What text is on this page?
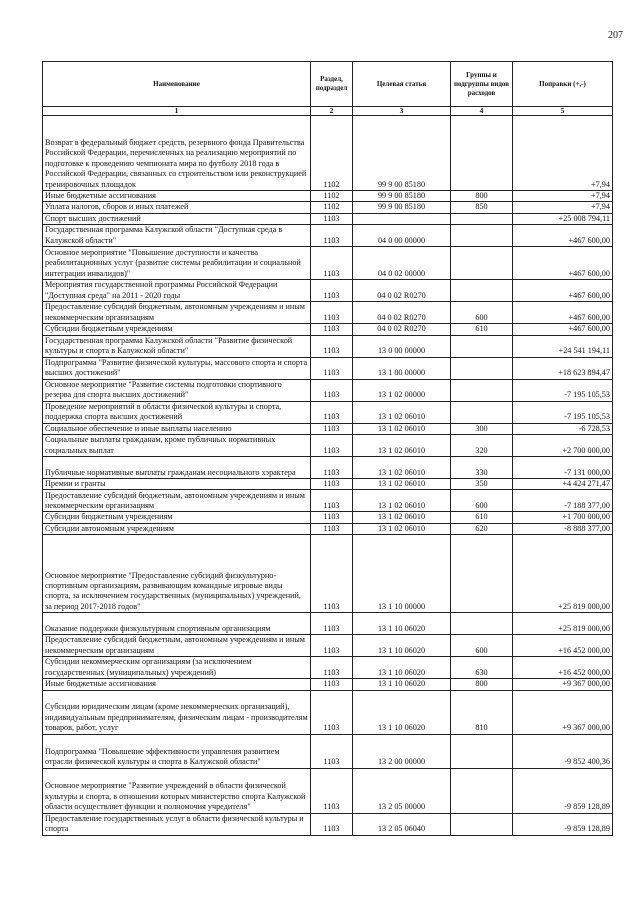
207
Наименование	Раздел, подраздел	Целевая статья	Группы и подгруппы видов расходов	Поправки (+,-)
1	2	3	4	5
Возврат в федеральный бюджет средств, резервного фонда Правительства Российской Федерации, перечисленных на реализацию мероприятий по подготовке к проведению чемпионата мира по футболу 2018 года в Российской Федерации, связанных со строительством или реконструкцией тренировочных площадок	1102	99 9 00 85180		+7,94
Иные бюджетные ассигнования	1102	99 9 00 85180	800	+7,94
Уплата налогов, сборов и иных платежей	1102	99 9 00 85180	850	+7,94
Спорт высших достижений	1103			+25 008 794,11
Государственная программа Калужской области "Доступная среда в Калужской области"	1103	04 0 00 00000		+467 600,00
Основное мероприятие "Повышение доступности и качества реабилитационных услуг (развитие системы реабилитации и социальной интеграции инвалидов)"	1103	04 0 02 00000		+467 600,00
Мероприятия государственной программы Российской Федерации "Доступная среда" на 2011 - 2020 годы	1103	04 0 02 R0270		+467 600,00
Предоставление субсидий бюджетным, автономным учреждениям и иным некоммерческим организациям	1103	04 0 02 R0270	600	+467 600,00
Субсидии бюджетным учреждениям	1103	04 0 02 R0270	610	+467 600,00
Государственная программа Калужской области "Развитие физической культуры и спорта в Калужской области"	1103	13 0 00 00000		+24 541 194,11
Подпрограмма "Развитие физической культуры, массового спорта и спорта высших достижений"	1103	13 1 00 00000		+18 623 894,47
Основное мероприятие "Развитие системы подготовки спортивного резерва для спорта высших достижений"	1103	13 1 02 00000		-7 195 105,53
Проведение мероприятий в области физической культуры и спорта, поддержка спорта высших достижений	1103	13 1 02 06010		-7 195 105,53
Социальное обеспечение и иные выплаты населению	1103	13 1 02 06010	300	-6 728,53
Социальные выплаты гражданам, кроме публичных нормативных социальных выплат	1103	13 1 02 06010	320	+2 700 000,00
Публичные нормативные выплаты гражданам несоциального хэрактера	1103	13 1 02 06010	330	-7 131 000,00
Премии и гранты	1103	13 1 02 06010	350	+4 424 271,47
Предоставление субсидий бюджетным, автономным учреждениям и иным некоммерческим организациям	1103	13 1 02 06010	600	-7 188 377,00
Субсидии бюджетным учреждениям	1103	13 1 02 06010	610	+1 700 000,00
Субсидии автономным учреждениям	1103	13 1 02 06010	620	-8 888 377,00
Основное мероприятие "Предоставление субсидий физкультурно-спортивным организациям, развивающим командные игровые виды спорта, за исключением государственных (муниципальных) учреждений, за период 2017-2018 годов"	1103	13 1 10 00000		+25 819 000,00
Оказание поддержки физкультурным спортивным организациям	1103	13 1 10 06020		+25 819 000,00
Предоставление субсидий бюджетным, автономным учреждениям и иным некоммерческим организациям	1103	13 1 10 06020	600	+16 452 000,00
Субсидии некоммерческим организациям (за исключением государственных (муниципальных) учреждений)	1103	13 1 10 06020	630	+16 452 000,00
Иные бюджетные ассигнования	1103	13 1 10 06020	800	+9 367 000,00
Субсидии юридическим лицам (кроме некоммерческих организаций), индивидуальным предпринимателям, физическим лицам - производителям товаров, работ, услуг	1103	13 1 10 06020	810	+9 367 000,00
Подпрограмма "Повышение эффективности управления развитием отрасли физической культуры и спорта в Калужской области"	1103	13 2 00 00000		-9 852 400,36
Основное мероприятие "Развитие учреждений в области физической культуры и спорта, в отношении которых министерство спорта Калужской области осуществляет функции и полномочия учредителя"	1103	13 2 05 00000		-9 859 128,89
Предоставление государственных услуг в области физической культуры и спорта	1103	13 2 05 06040		-9 859 128,89
